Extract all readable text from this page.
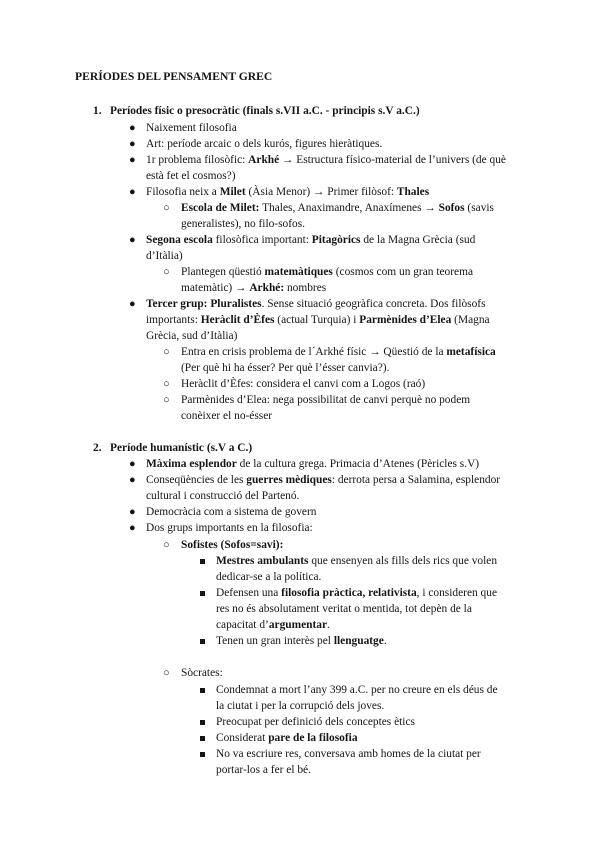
PERÍODES DEL PENSAMENT GREC
1. Períodes físic o presocràtic (finals s.VII a.C. - principis s.V a.C.)
● Naixement filosofia
● Art: període arcaic o dels kurós, figures hieràtiques.
● 1r problema filosòfic: Arkhé → Estructura físico-material de l’univers (de què
està fet el cosmos?)
● Filosofia neix a Milet (Àsia Menor) → Primer filòsof: Thales
○ Escola de Milet: Thales, Anaximandre, Anaxímenes → Sofos (savis
generalistes), no filo-sofos.
● Segona escola filosòfica important: Pitagòrics de la Magna Grècia (sud
d’Itàlia)
○ Plantegen qüestió matemàtiques (cosmos com un gran teorema
matemàtic) → Arkhé: nombres
● Tercer grup: Pluralistes. Sense situació geogràfica concreta. Dos filòsofs
importants: Heràclit d’Èfes (actual Turquia) i Parmènides d’Elea (Magna
Grècia, sud d’Itàlia)
○ Entra en crisis problema de l´Arkhé físic → Qüestió de la metafísica
(Per què hi ha ésser? Per què l’ésser canvia?).
○ Heràclit d’Èfes: considera el canvi com a Logos (raó)
○ Parmènides d’Elea: nega possibilitat de canvi perquè no podem
conèixer el no-ésser
2. Període humanístic (s.V a C.)
● Màxima esplendor de la cultura grega. Primacia d’Atenes (Pèricles s.V)
● Conseqüències de les guerres mèdiques: derrota persa a Salamina, esplendor
cultural i construcció del Partenó.
● Democràcia com a sistema de govern
● Dos grups importants en la filosofia:
○ Sofistes (Sofos=savi):
Mestres ambulants que ensenyen als fills dels rics que volen
dedicar-se a la política.
Defensen una filosofia pràctica, relativista, i consideren que
res no és absolutament veritat o mentida, tot depèn de la
capacitat d’argumentar.
Tenen un gran interès pel llenguatge.
○ Sòcrates:
Condemnat a mort l’any 399 a.C. per no creure en els déus de
la ciutat i per la corrupció dels joves.
Preocupat per definició dels conceptes ètics
Considerat pare de la filosofia
No va escriure res, conversava amb homes de la ciutat per
portar-los a fer el bé.
